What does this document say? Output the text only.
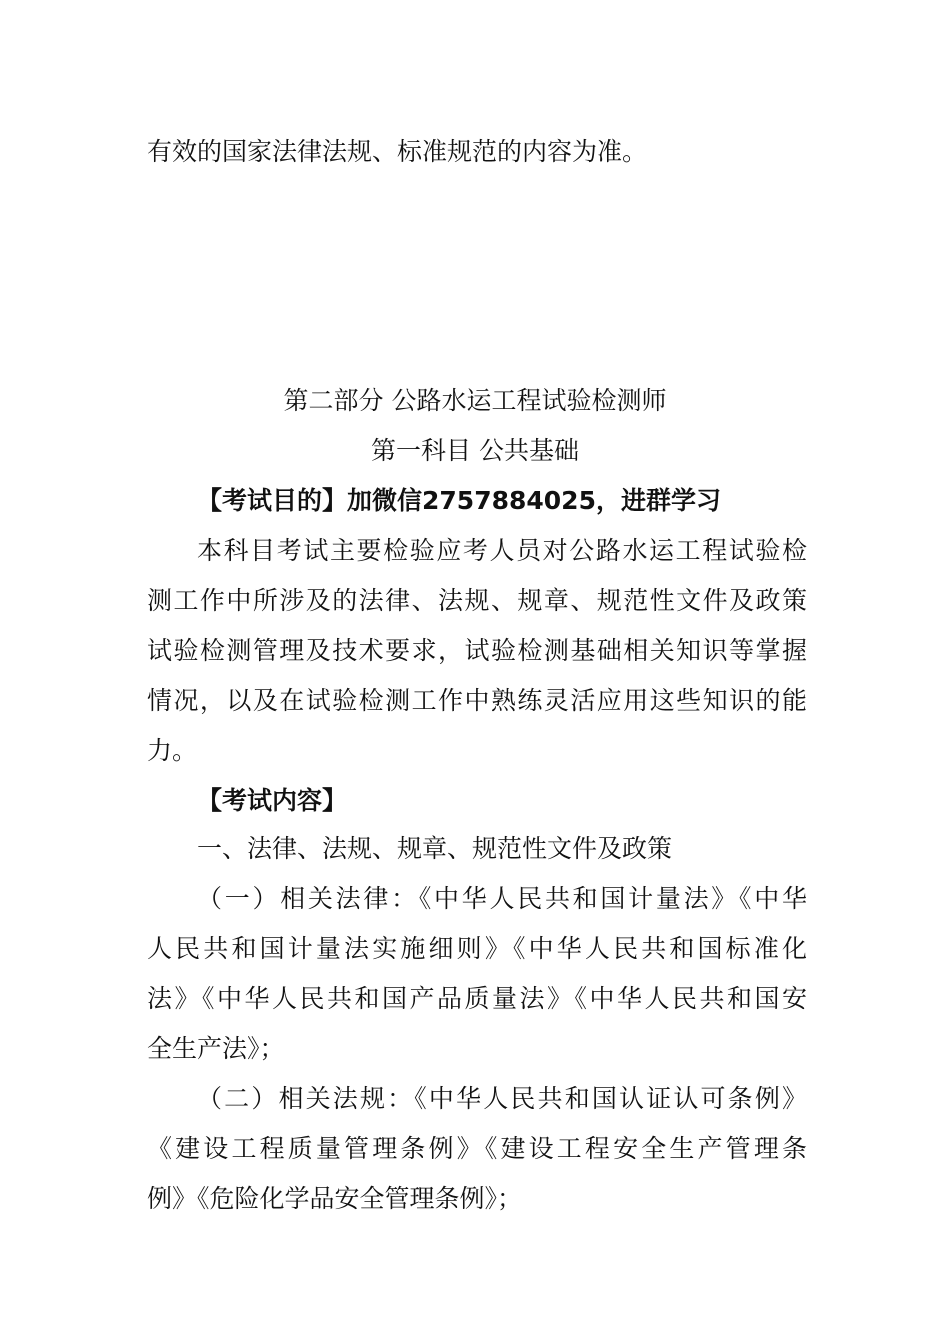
有效的国家法律法规、标准规范的内容为准。

第二部分 公路水运工程试验检测师

第一科目 公共基础

【考试目的】加微信2757884025，进群学习

本科目考试主要检验应考人员对公路水运工程试验检

测工作中所涉及的法律、法规、规章、规范性文件及政策

试验检测管理及技术要求，试验检测基础相关知识等掌握

情况，以及在试验检测工作中熟练灵活应用这些知识的能

力。

【考试内容】

一、法律、法规、规章、规范性文件及政策

（一）相关法律：《中华人民共和国计量法》《中华

人民共和国计量法实施细则》《中华人民共和国标准化

法》《中华人民共和国产品质量法》《中华人民共和国安

全生产法》；

（二）相关法规：《中华人民共和国认证认可条例》

《建设工程质量管理条例》《建设工程安全生产管理条

例》《危险化学品安全管理条例》；
